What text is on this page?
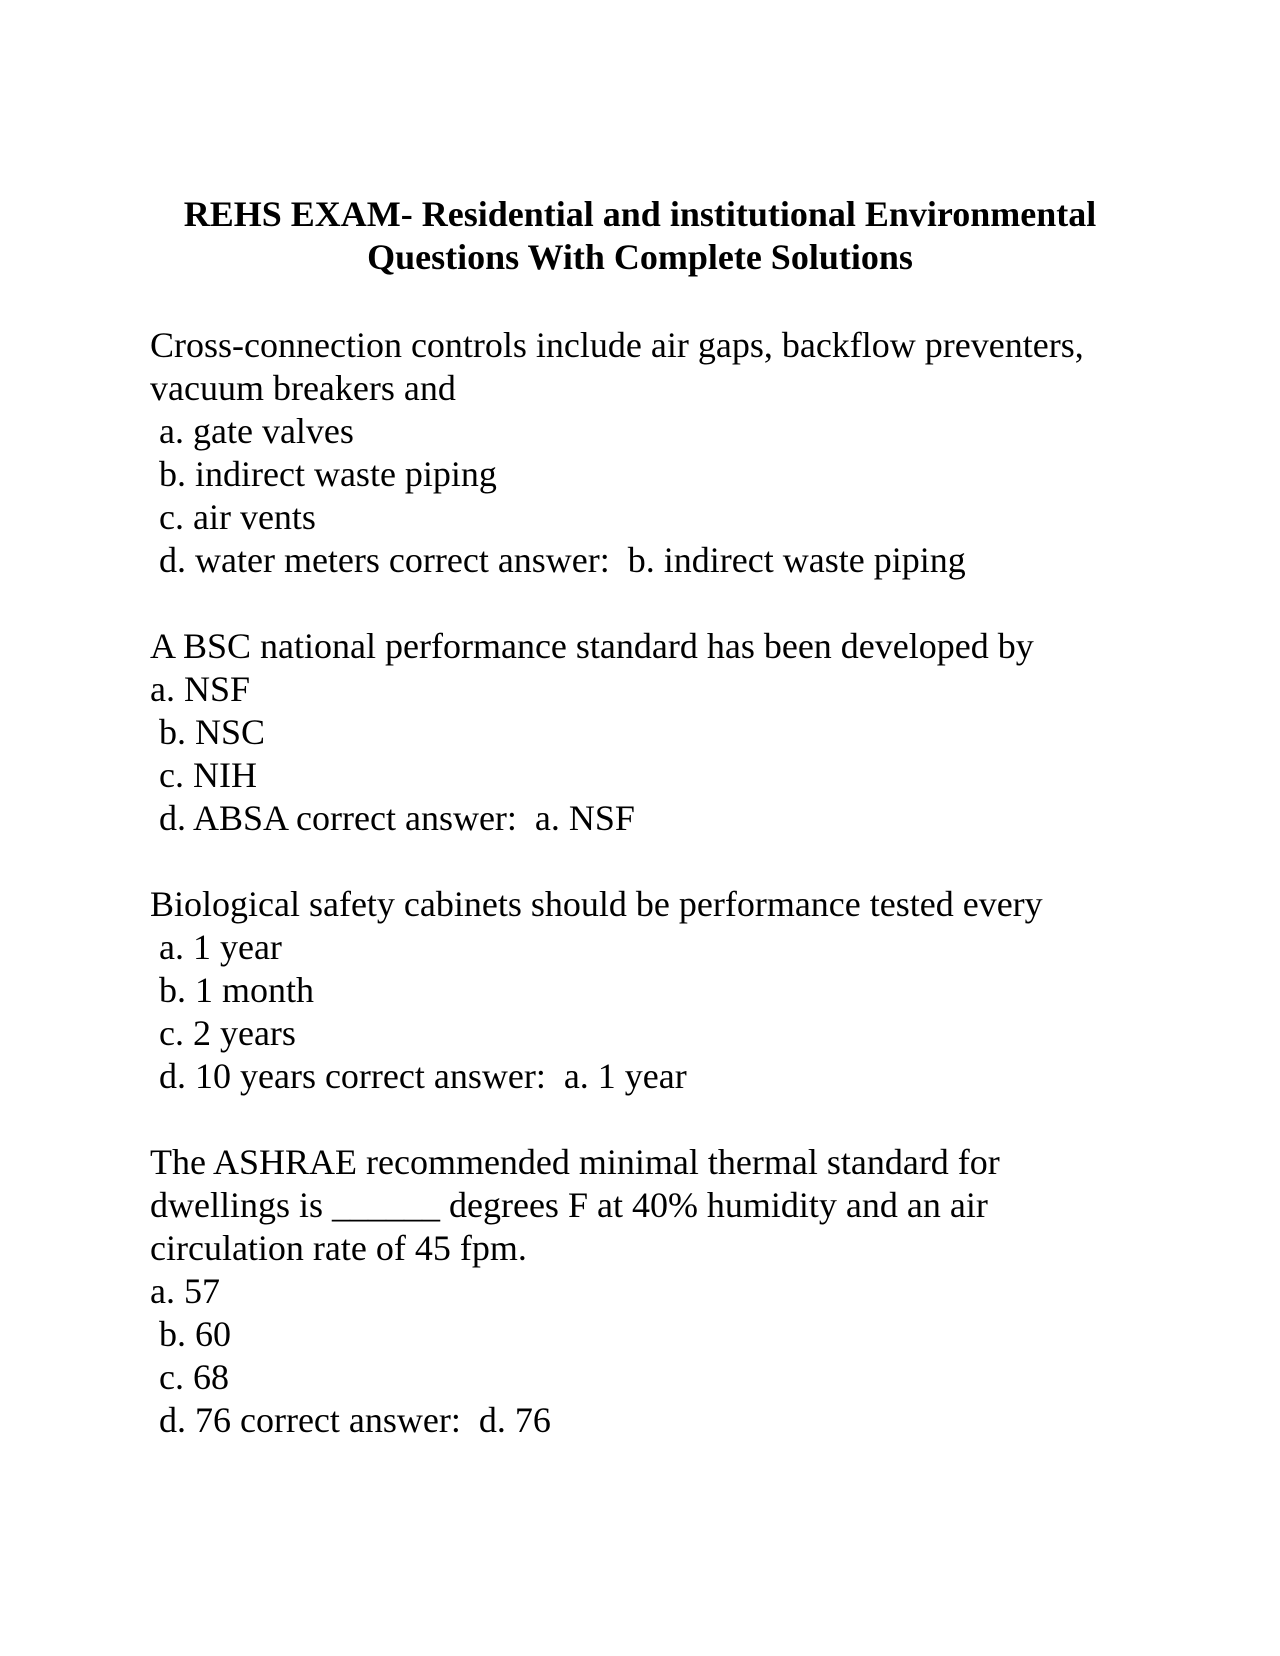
REHS EXAM- Residential and institutional Environmental
Questions With Complete Solutions
Cross-connection controls include air gaps, backflow preventers,
vacuum breakers and
a. gate valves
b. indirect waste piping
c. air vents
d. water meters correct answer:  b. indirect waste piping
A BSC national performance standard has been developed by
a. NSF
b. NSC
c. NIH
d. ABSA correct answer:  a. NSF
Biological safety cabinets should be performance tested every
a. 1 year
b. 1 month
c. 2 years
d. 10 years correct answer:  a. 1 year
The ASHRAE recommended minimal thermal standard for
dwellings is ______ degrees F at 40% humidity and an air
circulation rate of 45 fpm.
a. 57
b. 60
c. 68
d. 76 correct answer:  d. 76
